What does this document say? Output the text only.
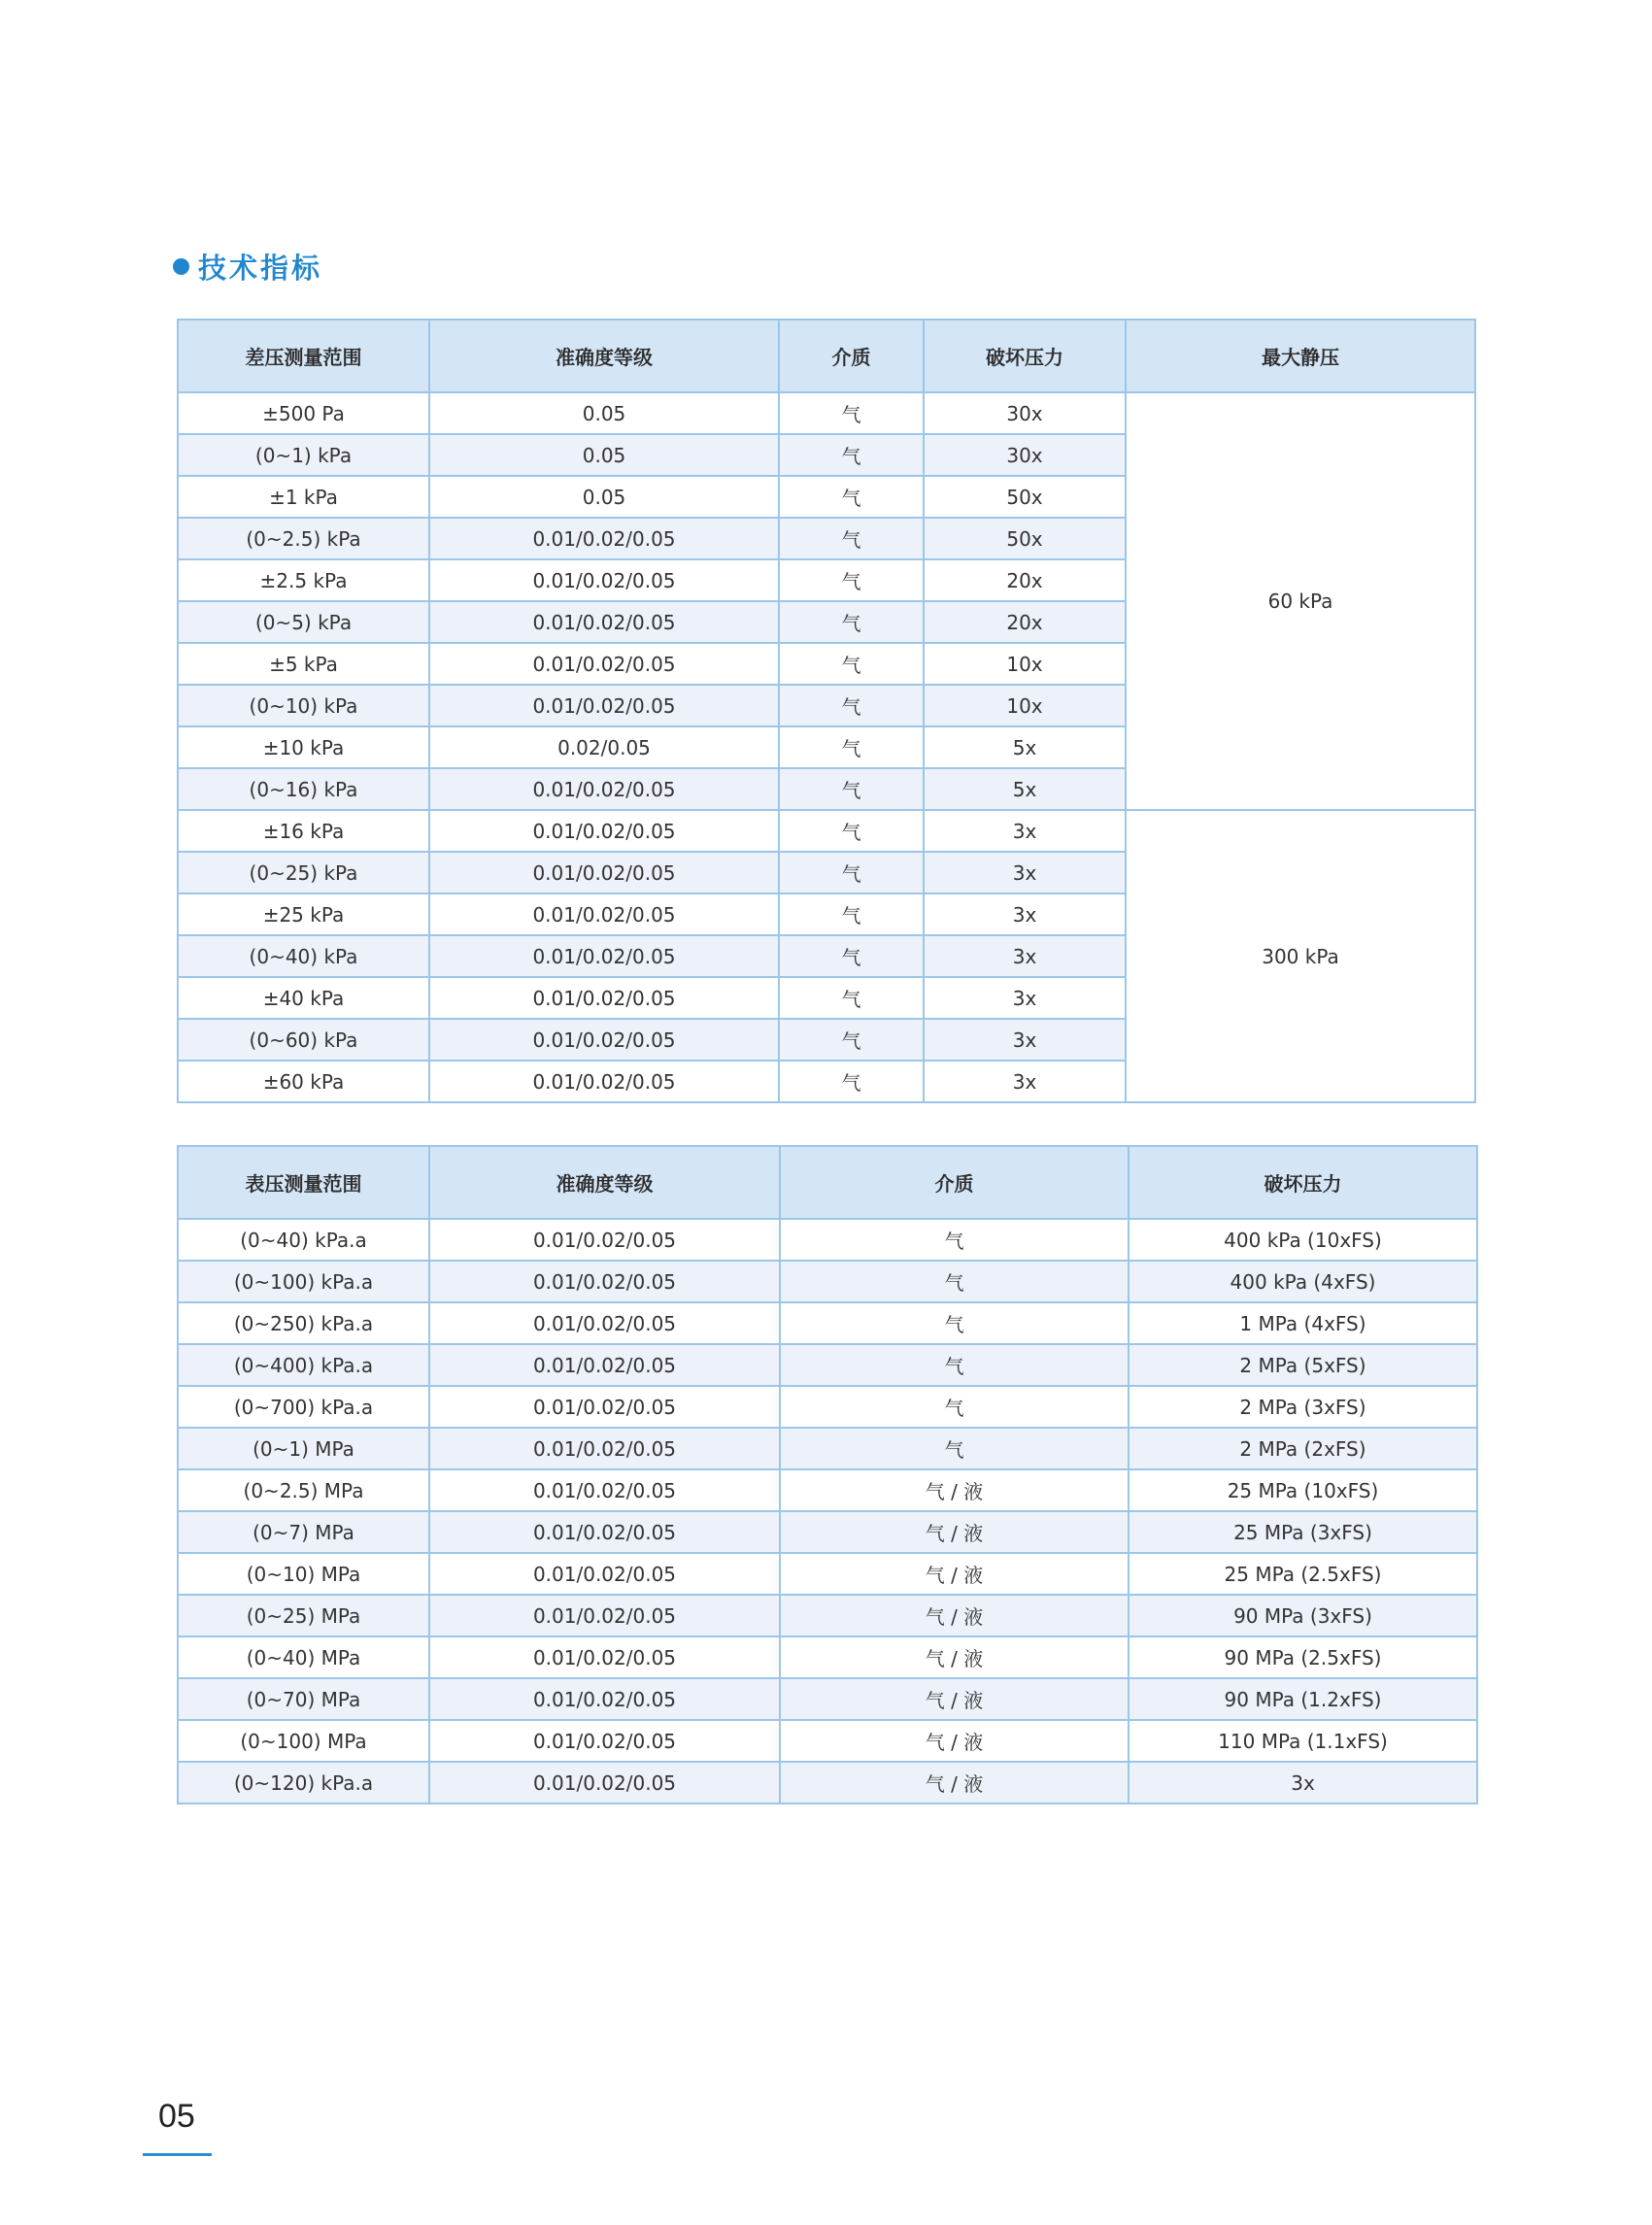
技术指标
差压测量范围	准确度等级	介质	破坏压力	最大静压
±500 Pa	0.05	气	30x	60 kPa
(0~1) kPa	0.05	气	30x	
±1 kPa	0.05	气	50x	
(0~2.5) kPa	0.01/0.02/0.05	气	50x	
±2.5 kPa	0.01/0.02/0.05	气	20x	
(0~5) kPa	0.01/0.02/0.05	气	20x	
±5 kPa	0.01/0.02/0.05	气	10x	
(0~10) kPa	0.01/0.02/0.05	气	10x	
±10 kPa	0.02/0.05	气	5x	
(0~16) kPa	0.01/0.02/0.05	气	5x	
±16 kPa	0.01/0.02/0.05	气	3x	300 kPa
(0~25) kPa	0.01/0.02/0.05	气	3x	
±25 kPa	0.01/0.02/0.05	气	3x	
(0~40) kPa	0.01/0.02/0.05	气	3x	
±40 kPa	0.01/0.02/0.05	气	3x	
(0~60) kPa	0.01/0.02/0.05	气	3x	
±60 kPa	0.01/0.02/0.05	气	3x	
表压测量范围	准确度等级	介质	破坏压力
(0~40) kPa.a	0.01/0.02/0.05	气	400 kPa (10xFS)
(0~100) kPa.a	0.01/0.02/0.05	气	400 kPa (4xFS)
(0~250) kPa.a	0.01/0.02/0.05	气	1 MPa (4xFS)
(0~400) kPa.a	0.01/0.02/0.05	气	2 MPa (5xFS)
(0~700) kPa.a	0.01/0.02/0.05	气	2 MPa (3xFS)
(0~1) MPa	0.01/0.02/0.05	气	2 MPa (2xFS)
(0~2.5) MPa	0.01/0.02/0.05	气 / 液	25 MPa (10xFS)
(0~7) MPa	0.01/0.02/0.05	气 / 液	25 MPa (3xFS)
(0~10) MPa	0.01/0.02/0.05	气 / 液	25 MPa (2.5xFS)
(0~25) MPa	0.01/0.02/0.05	气 / 液	90 MPa (3xFS)
(0~40) MPa	0.01/0.02/0.05	气 / 液	90 MPa (2.5xFS)
(0~70) MPa	0.01/0.02/0.05	气 / 液	90 MPa (1.2xFS)
(0~100) MPa	0.01/0.02/0.05	气 / 液	110 MPa (1.1xFS)
(0~120) kPa.a	0.01/0.02/0.05	气 / 液	3x
05
